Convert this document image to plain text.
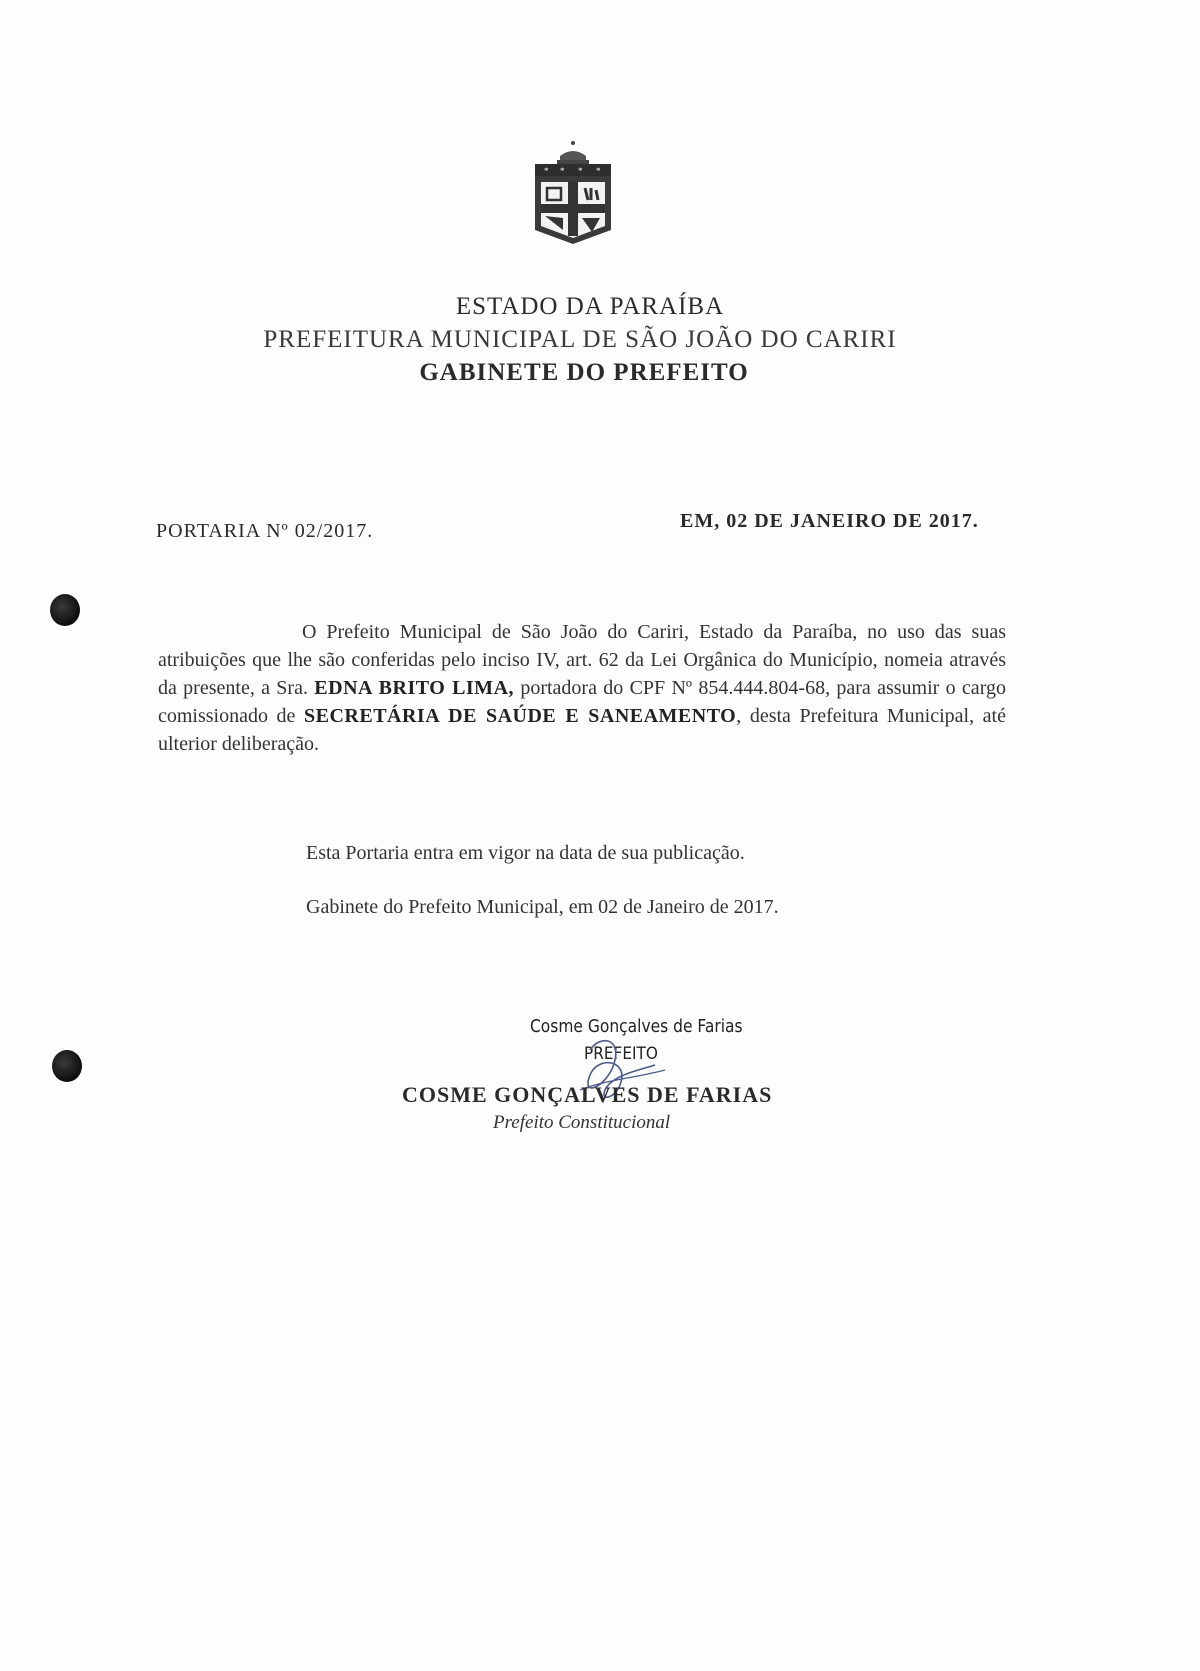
* * * *
ESTADO DA PARAÍBA
PREFEITURA MUNICIPAL DE SÃO JOÃO DO CARIRI
GABINETE DO PREFEITO
PORTARIA Nº 02/2017.	EM, 02 DE JANEIRO DE 2017.
O Prefeito Municipal de São João do Cariri, Estado da Paraíba, no uso das suas atribuições que lhe são conferidas pelo inciso IV, art. 62 da Lei Orgânica do Município, nomeia através da presente, a Sra. EDNA BRITO LIMA, portadora do CPF Nº 854.444.804-68, para assumir o cargo comissionado de SECRETÁRIA DE SAÚDE E SANEAMENTO, desta Prefeitura Municipal, até ulterior deliberação.
Esta Portaria entra em vigor na data de sua publicação.
Gabinete do Prefeito Municipal, em 02 de Janeiro de 2017.
Cosme Gonçalves de Farias
PREFEITO
COSME GONÇALVES DE FARIAS
Prefeito Constitucional
